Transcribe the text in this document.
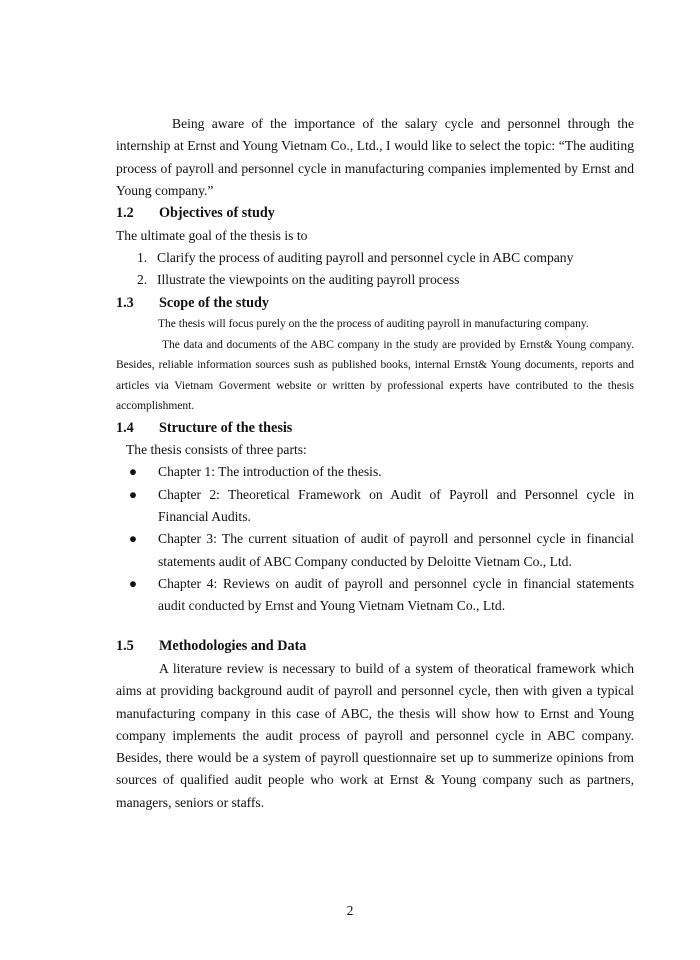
Being aware of the importance of the salary cycle and personnel through the internship at Ernst and Young Vietnam Co., Ltd., I would like to select the topic: “The auditing process of payroll and personnel cycle in manufacturing companies implemented by Ernst and Young company.”

1.2	Objectives of study

The ultimate goal of the thesis is to

1. Clarify the process of auditing payroll and personnel cycle in ABC company
2. Illustrate the viewpoints on the auditing payroll process
1.3	Scope of the study

The thesis will focus purely on the the process of auditing payroll in manufacturing company.

The data and documents of the ABC company in the study are provided by Ernst& Young company. Besides, reliable information sources sush as published books, internal Ernst& Young documents, reports and articles via Vietnam Goverment website or written by professional experts have contributed to the thesis accomplishment.

1.4	Structure of the thesis

The thesis consists of three parts:

●	Chapter 1: The introduction of the thesis.
●	Chapter 2: Theoretical Framework on Audit of Payroll and Personnel cycle in Financial Audits.
●	Chapter 3: The current situation of audit of payroll and personnel cycle in financial statements audit of ABC Company conducted by Deloitte Vietnam Co., Ltd.
●	Chapter 4: Reviews on audit of payroll and personnel cycle in financial statements audit conducted by Ernst and Young Vietnam Vietnam Co., Ltd.
1.5	Methodologies and Data

A literature review is necessary to build of a system of theoratical framework which aims at providing background audit of payroll and personnel cycle, then with given a typical manufacturing company in this case of ABC, the thesis will show how to Ernst and Young company implements the audit process of payroll and personnel cycle in ABC company. Besides, there would be a system of payroll questionnaire set up to summerize opinions from sources of qualified audit people who work at Ernst & Young company such as partners, managers, seniors or staffs.

2
